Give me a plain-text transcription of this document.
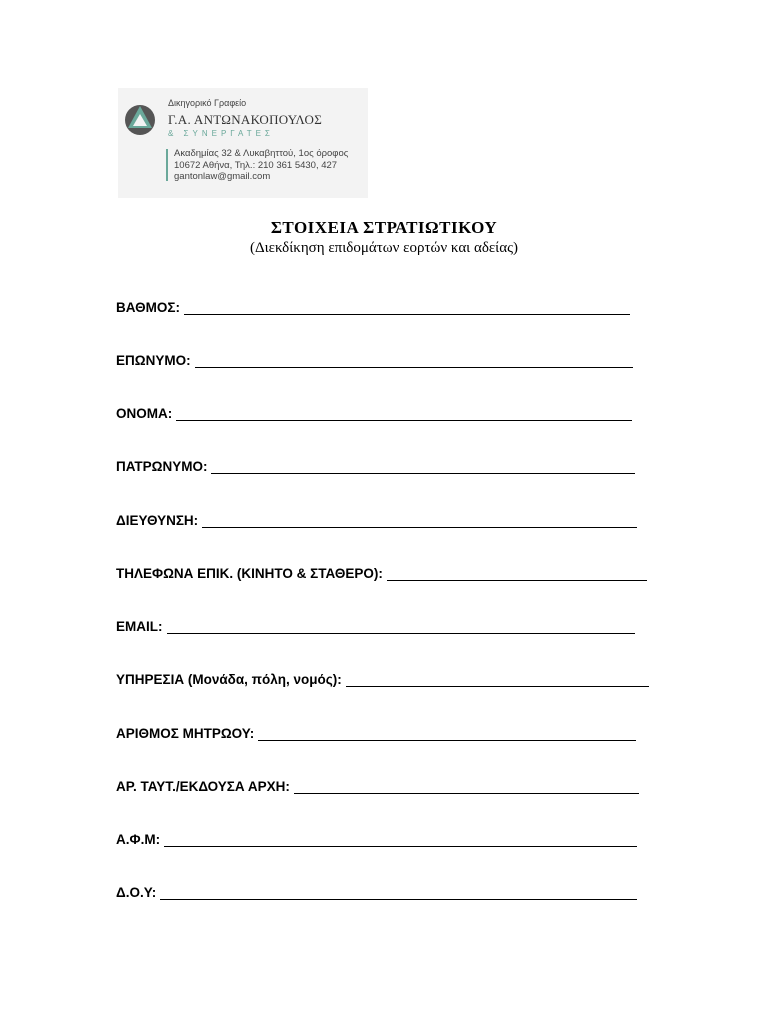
Δικηγορικό Γραφείο
Γ.Α. ΑΝΤΩΝΑΚΟΠΟΥΛΟΣ
& ΣΥΝΕΡΓΑΤΕΣ
Ακαδημίας 32 & Λυκαβηττού, 1ος όροφος
10672 Αθήνα, Τηλ.: 210 361 5430, 427
gantonlaw@gmail.com
ΣΤΟΙΧΕΙΑ ΣΤΡΑΤΙΩΤΙΚΟΥ
(Διεκδίκηση επιδομάτων εορτών και αδείας)
ΒΑΘΜΟΣ:
ΕΠΩΝΥΜΟ:
ΟΝΟΜΑ:
ΠΑΤΡΩΝΥΜΟ:
ΔΙΕΥΘΥΝΣΗ:
ΤΗΛΕΦΩΝΑ ΕΠΙΚ. (ΚΙΝΗΤΟ & ΣΤΑΘΕΡΟ):
EMAIL:
ΥΠΗΡΕΣΙΑ (Μονάδα, πόλη, νομός):
ΑΡΙΘΜΟΣ ΜΗΤΡΩΟΥ:
ΑΡ. ΤΑΥΤ./ΕΚΔΟΥΣΑ ΑΡΧΗ:
Α.Φ.Μ:
Δ.Ο.Υ:
